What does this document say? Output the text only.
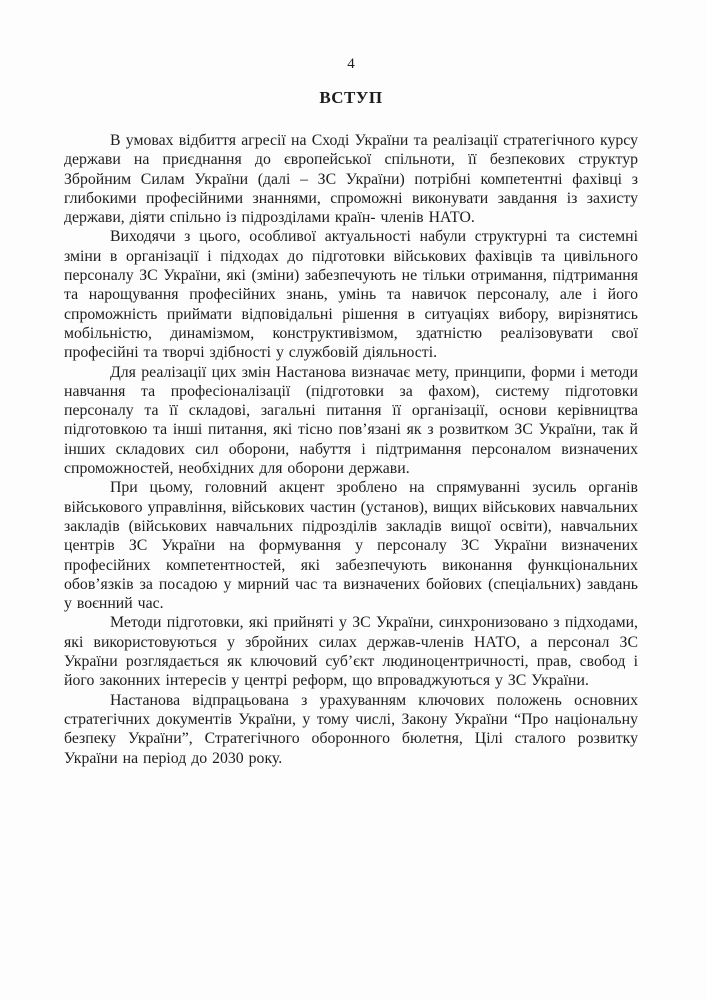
4
ВСТУП

В умовах відбиття агресії на Сході України та реалізації стратегічного курсу держави на приєднання до європейської спільноти, її безпекових структур Збройним Силам України (далі – ЗС України) потрібні компетентні фахівці з глибокими професійними знаннями, спроможні виконувати завдання із захисту держави, діяти спільно із підрозділами країн- членів НАТО.

Виходячи з цього, особливої актуальності набули структурні та системні зміни в організації і підходах до підготовки військових фахівців та цивільного персоналу ЗС України, які (зміни) забезпечують не тільки отримання, підтримання та нарощування професійних знань, умінь та навичок персоналу, але і його спроможність приймати відповідальні рішення в ситуаціях вибору, вирізнятись мобільністю, динамізмом, конструктивізмом, здатністю реалізовувати свої професійні та творчі здібності у службовій діяльності.

Для реалізації цих змін Настанова визначає мету, принципи, форми і методи навчання та професіоналізації (підготовки за фахом), систему підготовки персоналу та її складові, загальні питання її організації, основи керівництва підготовкою та інші питання, які тісно пов’язані як з розвитком ЗС України, так й інших складових сил оборони, набуття і підтримання персоналом визначених спроможностей, необхідних для оборони держави.

При цьому, головний акцент зроблено на спрямуванні зусиль органів військового управління, військових частин (установ), вищих військових навчальних закладів (військових навчальних підрозділів закладів вищої освіти), навчальних центрів ЗС України на формування у персоналу ЗС України визначених професійних компетентностей, які забезпечують виконання функціональних обов’язків за посадою у мирний час та визначених бойових (спеціальних) завдань у воєнний час.

Методи підготовки, які прийняті у ЗС України, синхронизовано з підходами, які використовуються у збройних силах держав-членів НАТО, а персонал ЗС України розглядається як ключовий суб’єкт людиноцентричності, прав, свобод і його законних інтересів у центрі реформ, що впроваджуються у ЗС України.

Настанова відпрацьована з урахуванням ключових положень основних стратегічних документів України, у тому числі, Закону України “Про національну безпеку України”, Стратегічного оборонного бюлетня, Цілі сталого розвитку України на період до 2030 року.
